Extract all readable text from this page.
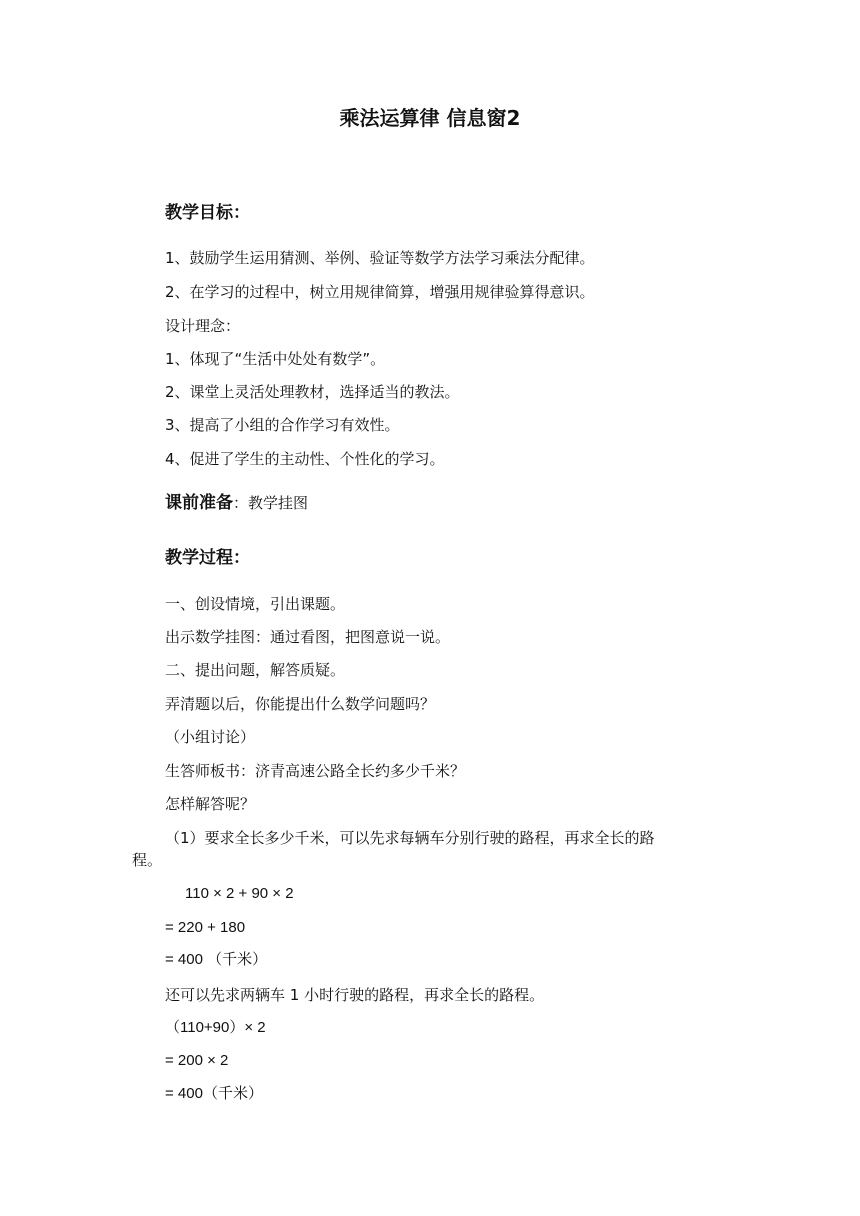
乘法运算律 信息窗2
教学目标：
1、鼓励学生运用猜测、举例、验证等数学方法学习乘法分配律。
2、在学习的过程中，树立用规律简算，增强用规律验算得意识。
设计理念：
1、体现了“生活中处处有数学”。
2、课堂上灵活处理教材，选择适当的教法。
3、提高了小组的合作学习有效性。
4、促进了学生的主动性、个性化的学习。
课前准备：教学挂图
教学过程：
一、创设情境，引出课题。
出示数学挂图：通过看图，把图意说一说。
二、提出问题，解答质疑。
弄清题以后，你能提出什么数学问题吗？
（小组讨论）
生答师板书：济青高速公路全长约多少千米？
怎样解答呢？
（1）要求全长多少千米，可以先求每辆车分别行驶的路程，再求全长的路
程。
110 × 2 + 90 × 2
= 220 + 180
= 400 （千米）
还可以先求两辆车 1 小时行驶的路程，再求全长的路程。
（110+90）× 2
= 200 × 2
= 400（千米）
